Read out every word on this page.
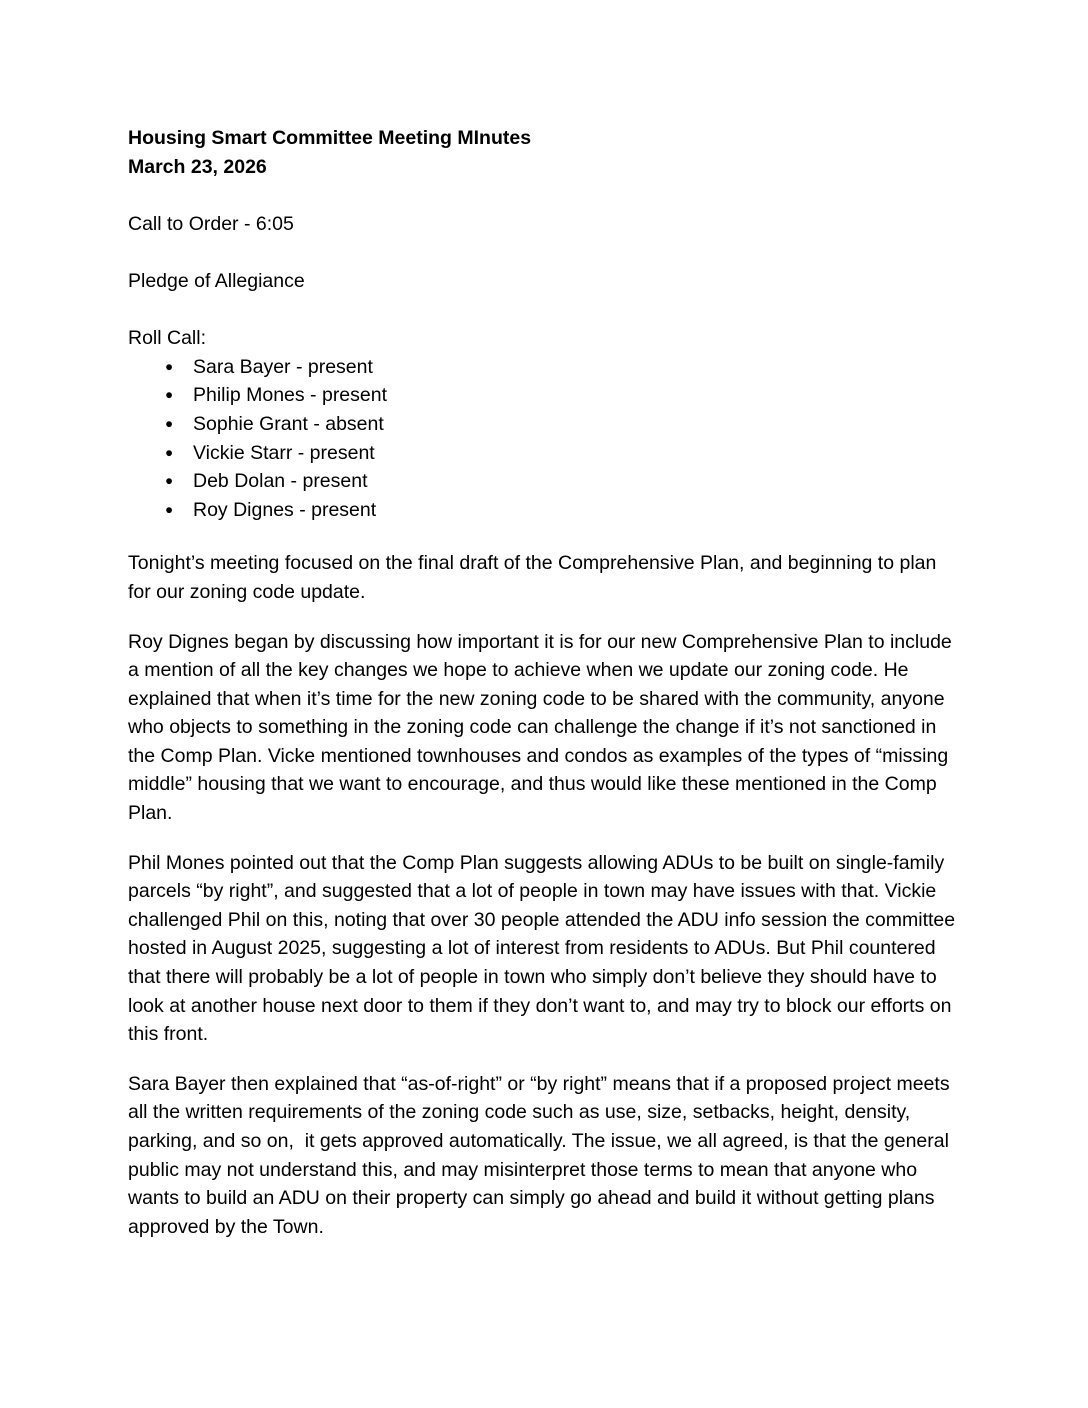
Housing Smart Committee Meeting MInutes
March 23, 2026
Call to Order - 6:05
Pledge of Allegiance
Roll Call:
● Sara Bayer - present
● Philip Mones - present
● Sophie Grant - absent
● Vickie Starr - present
● Deb Dolan - present
● Roy Dignes - present
Tonight’s meeting focused on the final draft of the Comprehensive Plan, and beginning to plan for our zoning code update.
Roy Dignes began by discussing how important it is for our new Comprehensive Plan to include a mention of all the key changes we hope to achieve when we update our zoning code. He explained that when it’s time for the new zoning code to be shared with the community, anyone who objects to something in the zoning code can challenge the change if it’s not sanctioned in the Comp Plan. Vicke mentioned townhouses and condos as examples of the types of “missing middle” housing that we want to encourage, and thus would like these mentioned in the Comp Plan.
Phil Mones pointed out that the Comp Plan suggests allowing ADUs to be built on single-family parcels “by right”, and suggested that a lot of people in town may have issues with that. Vickie challenged Phil on this, noting that over 30 people attended the ADU info session the committee hosted in August 2025, suggesting a lot of interest from residents to ADUs. But Phil countered that there will probably be a lot of people in town who simply don’t believe they should have to look at another house next door to them if they don’t want to, and may try to block our efforts on this front.
Sara Bayer then explained that “as-of-right” or “by right” means that if a proposed project meets all the written requirements of the zoning code such as use, size, setbacks, height, density, parking, and so on,  it gets approved automatically. The issue, we all agreed, is that the general public may not understand this, and may misinterpret those terms to mean that anyone who wants to build an ADU on their property can simply go ahead and build it without getting plans approved by the Town.
